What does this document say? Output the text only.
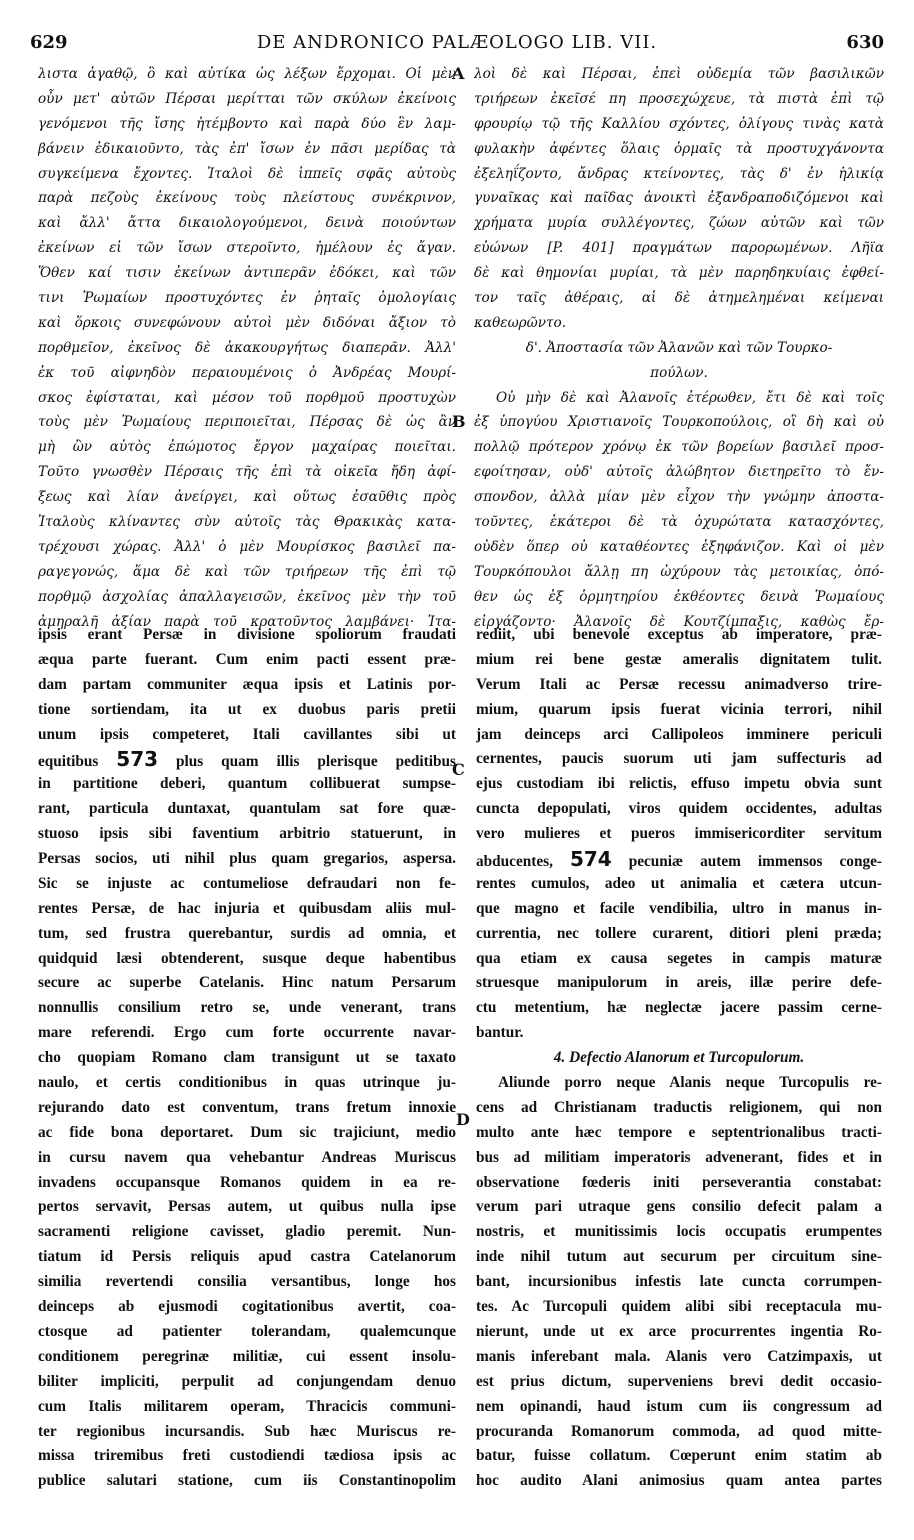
629	DE ANDRONICO PALÆOLOGO LIB. VII.	630
λιστα ἀγαθῷ, ὃ καὶ αὐτίκα ὡς λέξων ἔρχομαι. Οἱ μὲν
οὖν μετ' αὐτῶν Πέρσαι μερίτται τῶν σκύλων ἐκείνοις
γενόμενοι τῆς ἴσης ἠτέμβοντο καὶ παρὰ δύο ἓν λαμ-
βάνειν ἐδικαιοῦντο, τὰς ἐπ' ἴσων ἐν πᾶσι μερίδας τὰ
συγκείμενα ἔχοντες. Ἰταλοὶ δὲ ἱππεῖς σφᾶς αὐτοὺς
παρὰ πεζοὺς ἐκείνους τοὺς πλείστους συνέκρινον,
καὶ ἄλλ' ἄττα δικαιολογούμενοι, δεινὰ ποιούντων
ἐκείνων εἰ τῶν ἴσων στεροῖντο, ἠμέλουν ἐς ἄγαν.
Ὅθεν καί τισιν ἐκείνων ἀντιπερᾶν ἐδόκει, καὶ τῶν
τινι Ῥωμαίων προστυχόντες ἐν ῥηταῖς ὁμολογίαις
καὶ ὅρκοις συνεφώνουν αὐτοὶ μὲν διδόναι ἄξιον τὸ
πορθμεῖον, ἐκεῖνος δὲ ἀκακουργήτως διαπερᾶν. Ἀλλ'
ἐκ τοῦ αἰφνηδὸν περαιουμένοις ὁ Ἀνδρέας Μουρί-
σκος ἐφίσταται, καὶ μέσον τοῦ πορθμοῦ προστυχὼν
τοὺς μὲν Ῥωμαίους περιποιεῖται, Πέρσας δὲ ὡς ἂν
μὴ ὢν αὐτὸς ἐπώμοτος ἔργον μαχαίρας ποιεῖται.
Τοῦτο γνωσθὲν Πέρσαις τῆς ἐπὶ τὰ οἰκεῖα ἤδη ἀφί-
ξεως καὶ λίαν ἀνείργει, καὶ οὕτως ἐσαῦθις πρὸς
Ἰταλοὺς κλίναντες σὺν αὐτοῖς τὰς Θρακικὰς κατα-
τρέχουσι χώρας. Ἀλλ' ὁ μὲν Μουρίσκος βασιλεῖ πα-
ραγεγονώς, ἅμα δὲ καὶ τῶν τριήρεων τῆς ἐπὶ τῷ
πορθμῷ ἀσχολίας ἀπαλλαγεισῶν, ἐκεῖνος μὲν τὴν τοῦ
ἀμηραλῆ ἀξίαν παρὰ τοῦ κρατοῦντος λαμβάνει· Ἰτα-
λοὶ δὲ καὶ Πέρσαι, ἐπεὶ οὐδεμία τῶν βασιλικῶν
τριήρεων ἐκεῖσέ πη προσεχώχευε, τὰ πιστὰ ἐπὶ τῷ
φρουρίῳ τῷ τῆς Καλλίου σχόντες, ὀλίγους τινὰς κατὰ
φυλακὴν ἀφέντες ὅλαις ὁρμαῖς τὰ προστυχγάνοντα
ἐξεληΐζοντο, ἄνδρας κτείνοντες, τὰς δ' ἐν ἡλικίᾳ
γυναῖκας καὶ παῖδας ἀνοικτὶ ἐξανδραποδιζόμενοι καὶ
χρήματα μυρία συλλέγοντες, ζώων αὐτῶν καὶ τῶν
εὐώνων [P. 401] πραγμάτων παρορωμένων. Λῆϊα
δὲ καὶ θημονίαι μυρίαι, τὰ μὲν παρηδηκυίαις ἐφθεί-
τον ταῖς ἀθέραις, αἱ δὲ ἀτημελημέναι κείμεναι
καθεωρῶντο.
δ'. Ἀποστασία τῶν Ἀλανῶν καὶ τῶν Τουρκο-
πούλων.
Οὐ μὴν δὲ καὶ Ἀλανοῖς ἑτέρωθεν, ἔτι δὲ καὶ τοῖς
ἐξ ὑπογύου Χριστιανοῖς Τουρκοπούλοις, οἳ δὴ καὶ οὐ
πολλῷ πρότερον χρόνῳ ἐκ τῶν βορείων βασιλεῖ προσ-
εφοίτησαν, οὐδ' αὐτοῖς ἀλώβητον διετηρεῖτο τὸ ἔν-
σπονδον, ἀλλὰ μίαν μὲν εἶχον τὴν γνώμην ἀποστα-
τοῦντες, ἑκάτεροι δὲ τὰ ὀχυρώτατα κατασχόντες,
οὐδὲν ὅπερ οὐ καταθέοντες ἐξηφάνιζον. Καὶ οἱ μὲν
Τουρκόπουλοι ἄλλῃ πη ὠχύρουν τὰς μετοικίας, ὁπό-
θεν ὡς ἐξ ὁρμητηρίου ἐκθέοντες δεινὰ Ῥωμαίους
εἰργάζοντο· Ἀλανοῖς δὲ Κουτζίμπαξις, καθὼς ἔρ-
ipsis erant Persæ in divisione spoliorum fraudati
æqua parte fuerant. Cum enim pacti essent præ-
dam partam communiter æqua ipsis et Latinis por-
tione sortiendam, ita ut ex duobus paris pretii
unum ipsis competeret, Itali cavillantes sibi ut
equitibus 573 plus quam illis plerisque peditibus
in partitione deberi, quantum collibuerat sumpse-
rant, particula duntaxat, quantulam sat fore quæ-
stuoso ipsis sibi faventium arbitrio statuerunt, in
Persas socios, uti nihil plus quam gregarios, aspersa.
Sic se injuste ac contumeliose defraudari non fe-
rentes Persæ, de hac injuria et quibusdam aliis mul-
tum, sed frustra querebantur, surdis ad omnia, et
quidquid læsi obtenderent, susque deque habentibus
secure ac superbe Catelanis. Hinc natum Persarum
nonnullis consilium retro se, unde venerant, trans
mare referendi. Ergo cum forte occurrente navar-
cho quopiam Romano clam transigunt ut se taxato
naulo, et certis conditionibus in quas utrinque ju-
rejurando dato est conventum, trans fretum innoxie
ac fide bona deportaret. Dum sic trajiciunt, medio
in cursu navem qua vehebantur Andreas Muriscus
invadens occupansque Romanos quidem in ea re-
pertos servavit, Persas autem, ut quibus nulla ipse
sacramenti religione cavisset, gladio peremit. Nun-
tiatum id Persis reliquis apud castra Catelanorum
similia revertendi consilia versantibus, longe hos
deinceps ab ejusmodi cogitationibus avertit, coa-
ctosque ad patienter tolerandam, qualemcunque
conditionem peregrinæ militiæ, cui essent insolu-
biliter impliciti, perpulit ad conjungendam denuo
cum Italis militarem operam, Thracicis communi-
ter regionibus incursandis. Sub hæc Muriscus re-
missa triremibus freti custodiendi tædiosa ipsis ac
publice salutari statione, cum iis Constantinopolim
rediit, ubi benevole exceptus ab imperatore, præ-
mium rei bene gestæ ameralis dignitatem tulit.
Verum Itali ac Persæ recessu animadverso trire-
mium, quarum ipsis fuerat vicinia terrori, nihil
jam deinceps arci Callipoleos imminere periculi
cernentes, paucis suorum uti jam suffecturis ad
ejus custodiam ibi relictis, effuso impetu obvia sunt
cuncta depopulati, viros quidem occidentes, adultas
vero mulieres et pueros immisericorditer servitum
abducentes, 574 pecuniæ autem immensos conge-
rentes cumulos, adeo ut animalia et cætera utcun-
que magno et facile vendibilia, ultro in manus in-
currentia, nec tollere curarent, ditiori pleni præda;
qua etiam ex causa segetes in campis maturæ
struesque manipulorum in areis, illæ perire defe-
ctu metentium, hæ neglectæ jacere passim cerne-
bantur.
4. Defectio Alanorum et Turcopulorum.
Aliunde porro neque Alanis neque Turcopulis re-
cens ad Christianam traductis religionem, qui non
multo ante hæc tempore e septentrionalibus tracti-
bus ad militiam imperatoris advenerant, fides et in
observatione fœderis initi perseverantia constabat:
verum pari utraque gens consilio defecit palam a
nostris, et munitissimis locis occupatis erumpentes
inde nihil tutum aut securum per circuitum sine-
bant, incursionibus infestis late cuncta corrumpen-
tes. Ac Turcopuli quidem alibi sibi receptacula mu-
nierunt, unde ut ex arce procurrentes ingentia Ro-
manis inferebant mala. Alanis vero Catzimpaxis, ut
est prius dictum, superveniens brevi dedit occasio-
nem opinandi, haud istum cum iis congressum ad
procuranda Romanorum commoda, ad quod mitte-
batur, fuisse collatum. Cœperunt enim statim ab
hoc audito Alani animosius quam antea partes
A
B
C
D
